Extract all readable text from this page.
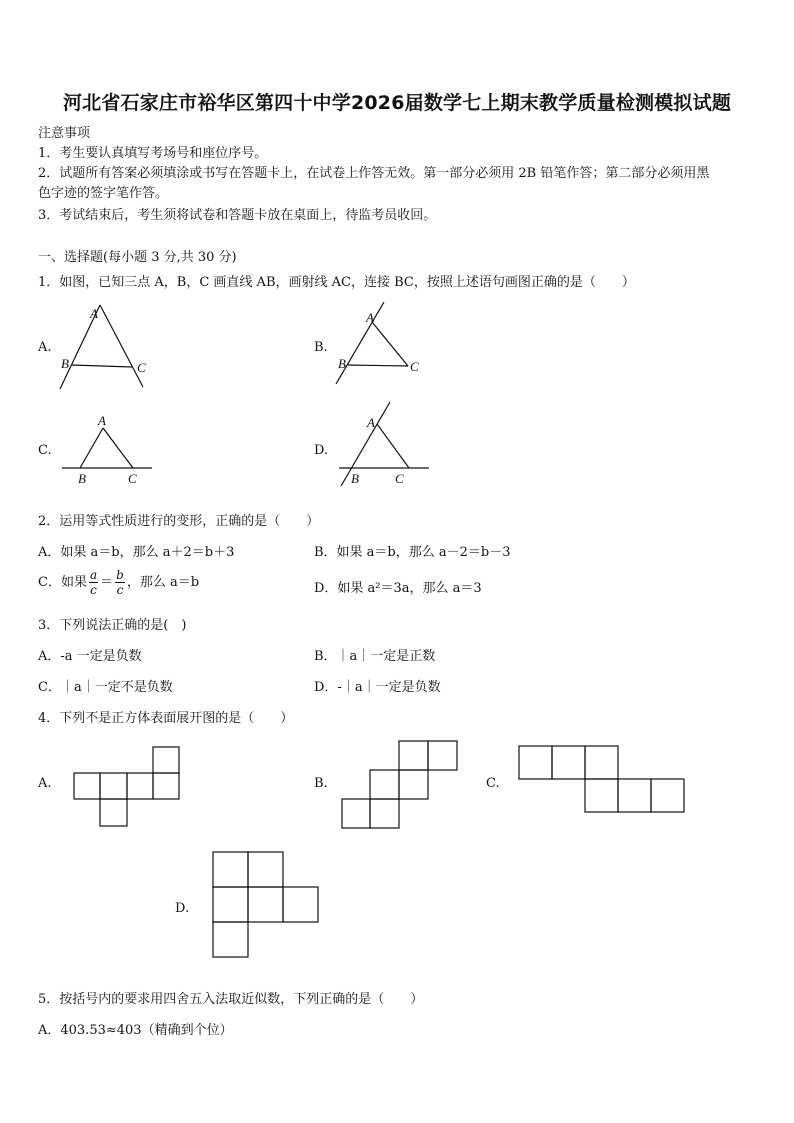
河北省石家庄市裕华区第四十中学2026届数学七上期末教学质量检测模拟试题
注意事项
1．考生要认真填写考场号和座位序号。
2．试题所有答案必须填涂或书写在答题卡上，在试卷上作答无效。第一部分必须用 2B 铅笔作答；第二部分必须用黑
色字迹的签字笔作答。
3．考试结束后，考生须将试卷和答题卡放在桌面上，待监考员收回。
一、选择题(每小题 3 分,共 30 分)
1．如图，已知三点 A，B，C 画直线 AB，画射线 AC，连接 BC，按照上述语句画图正确的是（　　）
A.
A
B	C
B.
A
B	C
C.
A
B	C
D.
A
B	C
2．运用等式性质进行的变形，正确的是（　　）
A．如果 a＝b，那么 a＋2＝b＋3	B．如果 a＝b，那么 a－2＝b－3
C．如果 $\frac{a}{c} = \frac{b}{c}$ ，那么 a＝b	D．如果 a²＝3a，那么 a＝3
3．下列说法正确的是(　)
A．-a 一定是负数	B．｜a｜一定是正数
C．｜a｜一定不是负数	D．-｜a｜一定是负数
4．下列不是正方体表面展开图的是（　　）
A.	B.	C.
D.
5．按括号内的要求用四舍五入法取近似数，下列正确的是（　　）
A．403.53≈403（精确到个位）
